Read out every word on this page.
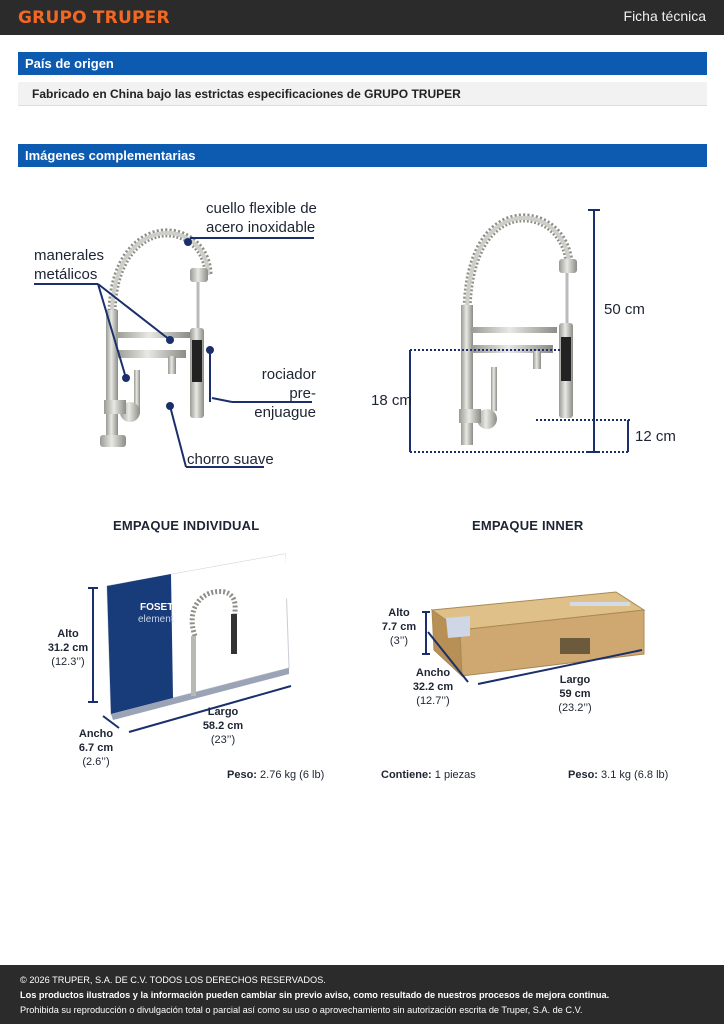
GRUPO TRUPER	Ficha técnica
País de origen
Fabricado en China bajo las estrictas especificaciones de GRUPO TRUPER
Imágenes complementarias
cuello flexible de acero inoxidable
manerales metálicos
rociador pre-enjuague
chorro suave
50 cm
18 cm
12 cm
EMPAQUE INDIVIDUAL	EMPAQUE INNER
FOSET
element
Alto
31.2 cm
(12.3’’)
Ancho
6.7 cm
(2.6’’)
Largo
58.2 cm
(23’’)
Peso: 2.76 kg (6 lb)
Alto
7.7 cm
(3’’)
Ancho
32.2 cm
(12.7’’)
Largo
59 cm
(23.2’’)
Contiene: 1 piezas	Peso: 3.1 kg (6.8 lb)
© 2026 TRUPER, S.A. DE C.V. TODOS LOS DERECHOS RESERVADOS.
Los productos ilustrados y la información pueden cambiar sin previo aviso, como resultado de nuestros procesos de mejora continua.
Prohibida su reproducción o divulgación total o parcial así como su uso o aprovechamiento sin autorización escrita de Truper, S.A. de C.V.
